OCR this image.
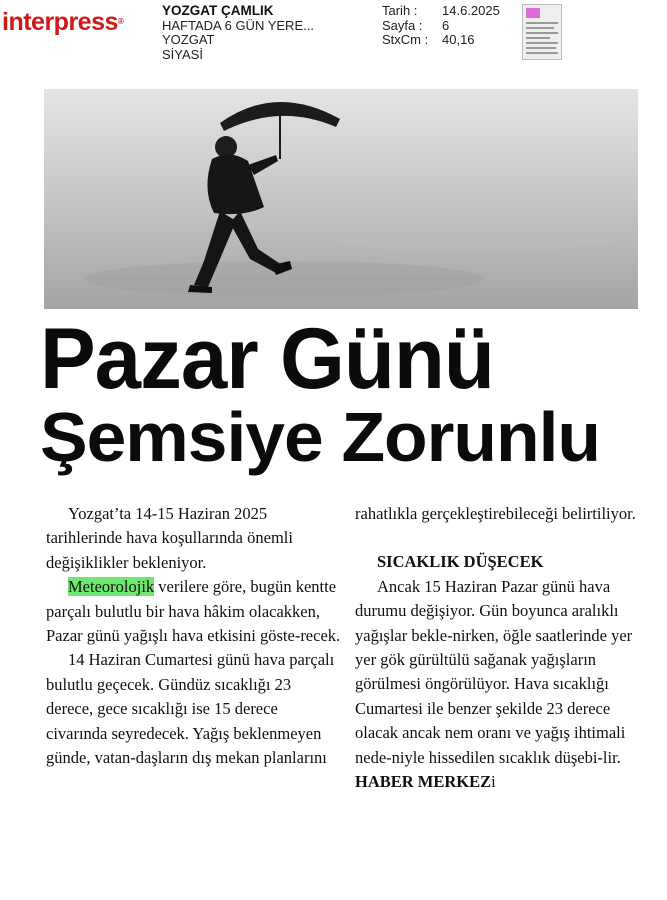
interpress®
YOZGAT ÇAMLIK
HAFTADA 6 GÜN YERE...
YOZGAT
SİYASİ
Tarih :	14.6.2025
Sayfa :	6
StxCm :	40,16
Pazar Günü
Şemsiye Zorunlu

Yozgat’ta 14-15 Haziran 2025 tarihlerinde hava koşullarında önemli değişiklikler bekleniyor.

Meteorolojik verilere göre, bugün kentte parçalı bulutlu bir hava hâkim olacakken, Pazar günü yağışlı hava etkisini göste-recek.

14 Haziran Cumartesi günü hava parçalı bulutlu geçecek. Gündüz sıcaklığı 23 derece, gece sıcaklığı ise 15 derece civarında seyredecek. Yağış beklenmeyen günde, vatan-daşların dış mekan planlarını

rahatlıkla gerçekleştirebileceği belirtiliyor.

SICAKLIK DÜŞECEK

Ancak 15 Haziran Pazar günü hava durumu değişiyor. Gün boyunca aralıklı yağışlar bekle-nirken, öğle saatlerinde yer yer gök gürültülü sağanak yağışların görülmesi öngörülüyor. Hava sıcaklığı Cumartesi ile benzer şekilde 23 derece olacak ancak nem oranı ve yağış ihtimali nede-niyle hissedilen sıcaklık düşebi-lir. HABER MERKEZi
